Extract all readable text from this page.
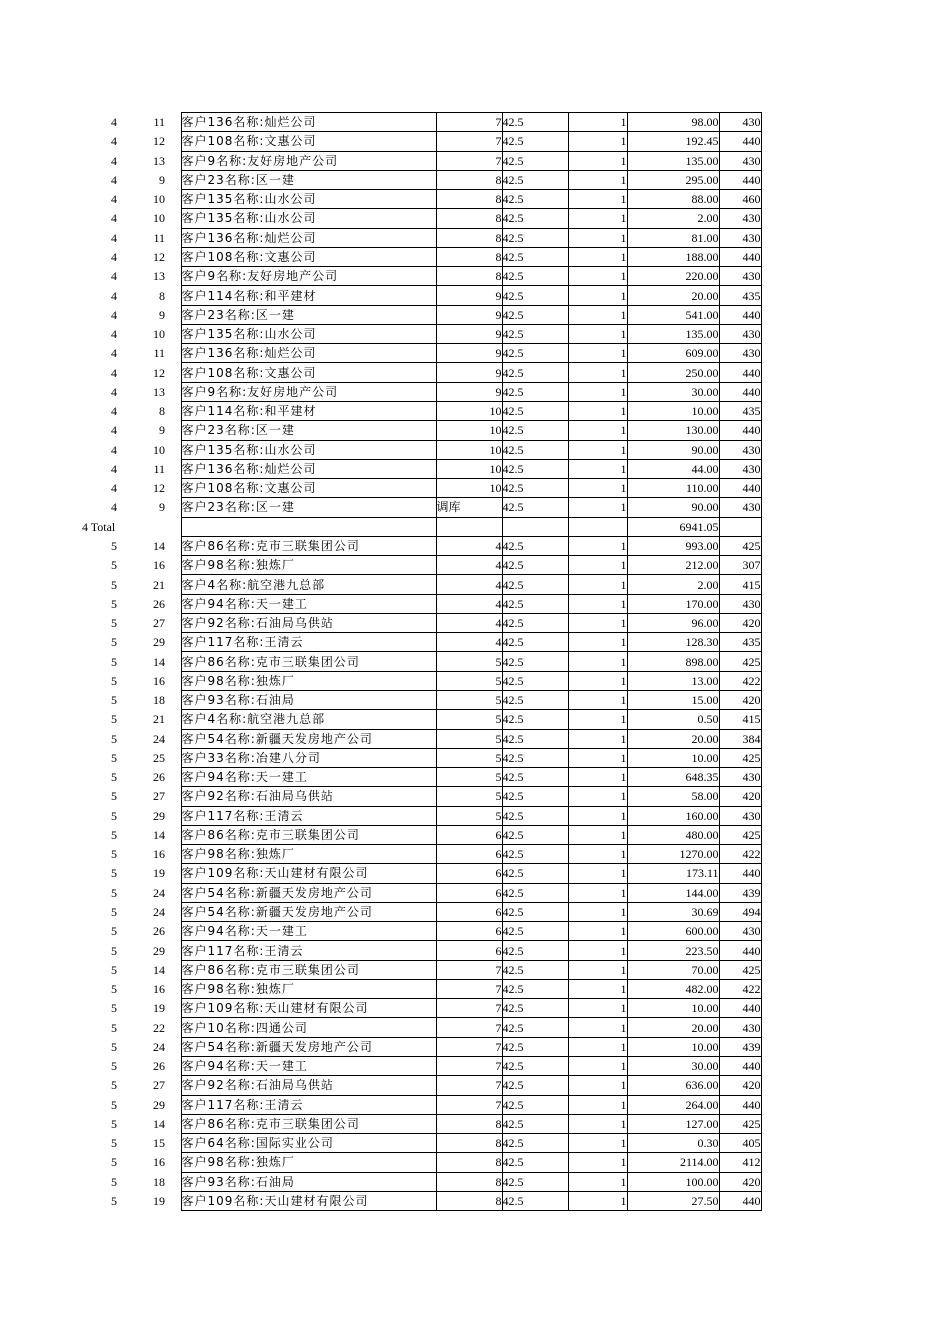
4	11		客户136名称:灿烂公司	7	42.5	1	98.00	430
4	12		客户108名称:文惠公司	7	42.5	1	192.45	440
4	13		客户9名称:友好房地产公司	7	42.5	1	135.00	430
4	9		客户23名称:区一建	8	42.5	1	295.00	440
4	10		客户135名称:山水公司	8	42.5	1	88.00	460
4	10		客户135名称:山水公司	8	42.5	1	2.00	430
4	11		客户136名称:灿烂公司	8	42.5	1	81.00	430
4	12		客户108名称:文惠公司	8	42.5	1	188.00	440
4	13		客户9名称:友好房地产公司	8	42.5	1	220.00	430
4	8		客户114名称:和平建材	9	42.5	1	20.00	435
4	9		客户23名称:区一建	9	42.5	1	541.00	440
4	10		客户135名称:山水公司	9	42.5	1	135.00	430
4	11		客户136名称:灿烂公司	9	42.5	1	609.00	430
4	12		客户108名称:文惠公司	9	42.5	1	250.00	440
4	13		客户9名称:友好房地产公司	9	42.5	1	30.00	440
4	8		客户114名称:和平建材	10	42.5	1	10.00	435
4	9		客户23名称:区一建	10	42.5	1	130.00	440
4	10		客户135名称:山水公司	10	42.5	1	90.00	430
4	11		客户136名称:灿烂公司	10	42.5	1	44.00	430
4	12		客户108名称:文惠公司	10	42.5	1	110.00	440
4	9		客户23名称:区一建	调库	42.5	1	90.00	430
4 Total							6941.05	
5	14		客户86名称:克市三联集团公司	4	42.5	1	993.00	425
5	16		客户98名称:独炼厂	4	42.5	1	212.00	307
5	21		客户4名称:航空港九总部	4	42.5	1	2.00	415
5	26		客户94名称:天一建工	4	42.5	1	170.00	430
5	27		客户92名称:石油局乌供站	4	42.5	1	96.00	420
5	29		客户117名称:王清云	4	42.5	1	128.30	435
5	14		客户86名称:克市三联集团公司	5	42.5	1	898.00	425
5	16		客户98名称:独炼厂	5	42.5	1	13.00	422
5	18		客户93名称:石油局	5	42.5	1	15.00	420
5	21		客户4名称:航空港九总部	5	42.5	1	0.50	415
5	24		客户54名称:新疆天发房地产公司	5	42.5	1	20.00	384
5	25		客户33名称:冶建八分司	5	42.5	1	10.00	425
5	26		客户94名称:天一建工	5	42.5	1	648.35	430
5	27		客户92名称:石油局乌供站	5	42.5	1	58.00	420
5	29		客户117名称:王清云	5	42.5	1	160.00	430
5	14		客户86名称:克市三联集团公司	6	42.5	1	480.00	425
5	16		客户98名称:独炼厂	6	42.5	1	1270.00	422
5	19		客户109名称:天山建材有限公司	6	42.5	1	173.11	440
5	24		客户54名称:新疆天发房地产公司	6	42.5	1	144.00	439
5	24		客户54名称:新疆天发房地产公司	6	42.5	1	30.69	494
5	26		客户94名称:天一建工	6	42.5	1	600.00	430
5	29		客户117名称:王清云	6	42.5	1	223.50	440
5	14		客户86名称:克市三联集团公司	7	42.5	1	70.00	425
5	16		客户98名称:独炼厂	7	42.5	1	482.00	422
5	19		客户109名称:天山建材有限公司	7	42.5	1	10.00	440
5	22		客户10名称:四通公司	7	42.5	1	20.00	430
5	24		客户54名称:新疆天发房地产公司	7	42.5	1	10.00	439
5	26		客户94名称:天一建工	7	42.5	1	30.00	440
5	27		客户92名称:石油局乌供站	7	42.5	1	636.00	420
5	29		客户117名称:王清云	7	42.5	1	264.00	440
5	14		客户86名称:克市三联集团公司	8	42.5	1	127.00	425
5	15		客户64名称:国际实业公司	8	42.5	1	0.30	405
5	16		客户98名称:独炼厂	8	42.5	1	2114.00	412
5	18		客户93名称:石油局	8	42.5	1	100.00	420
5	19		客户109名称:天山建材有限公司	8	42.5	1	27.50	440
